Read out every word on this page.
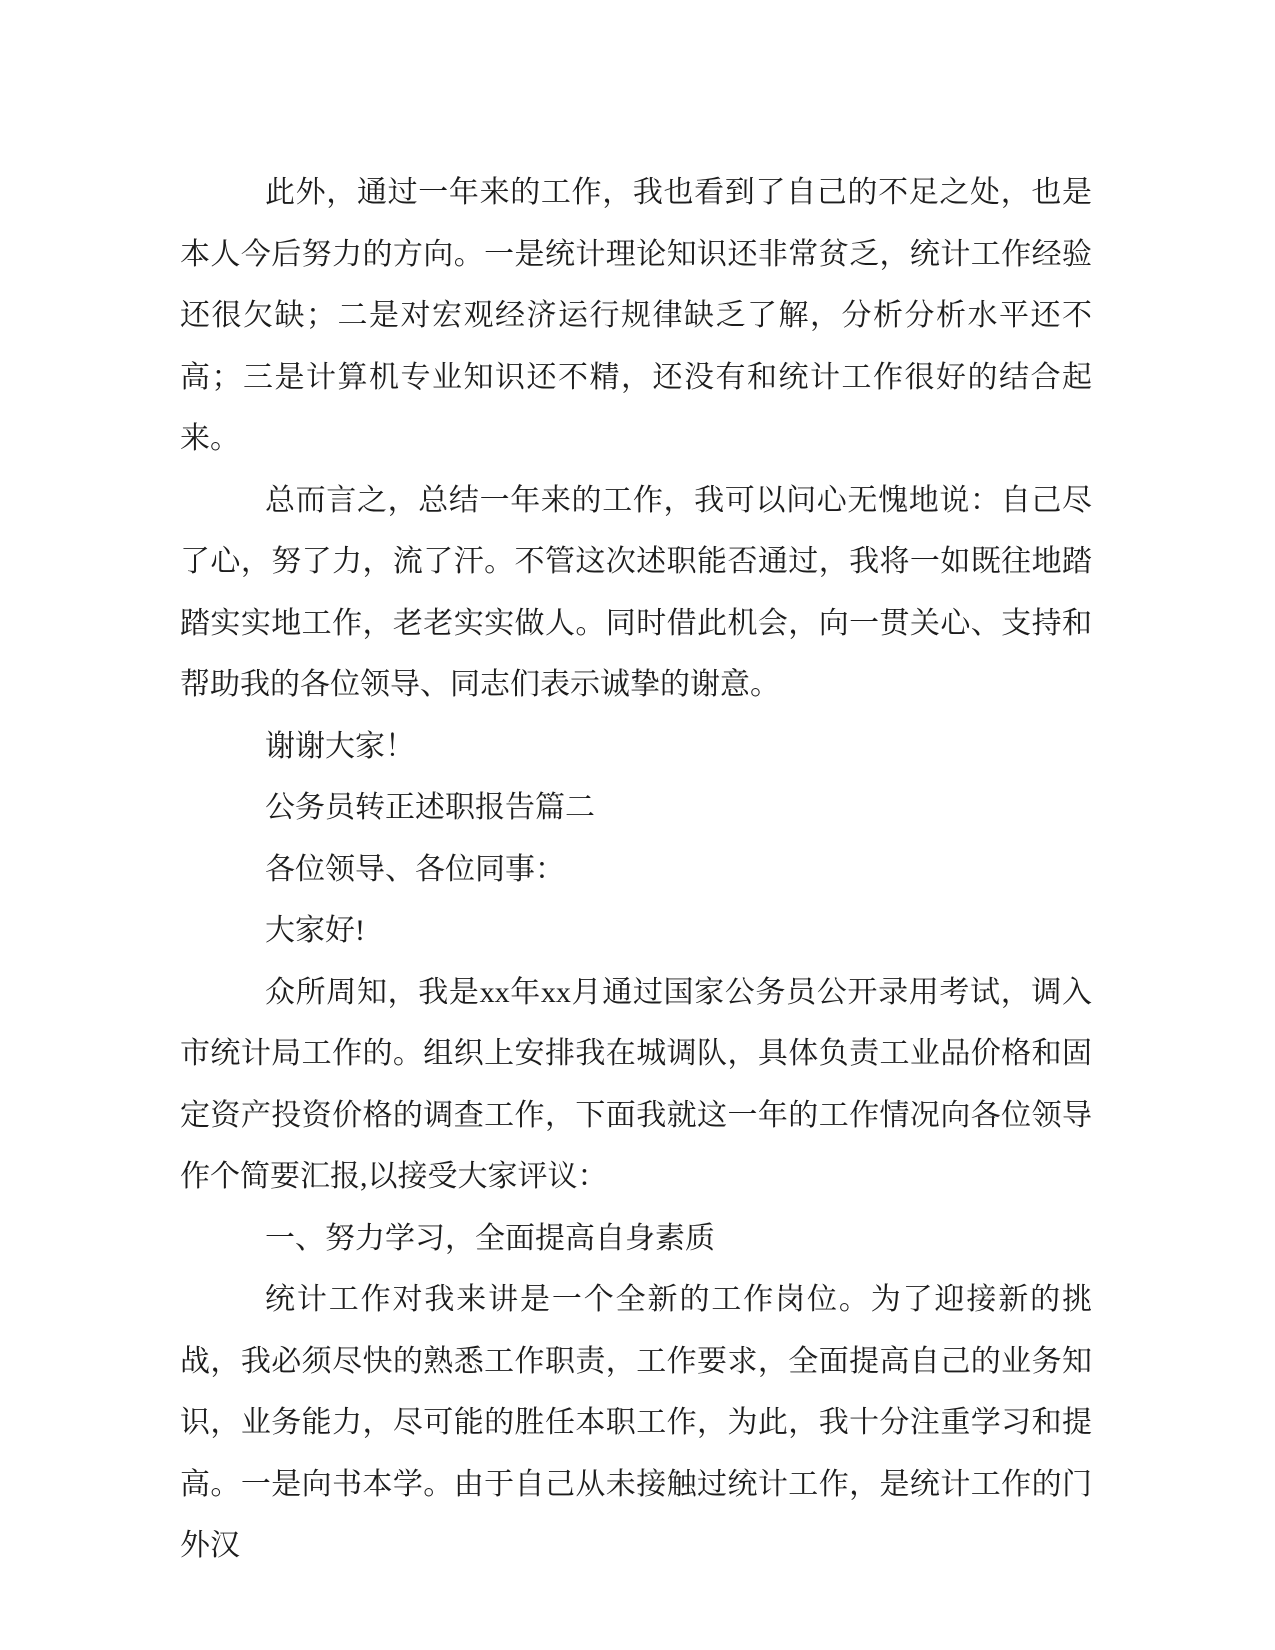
此外，通过一年来的工作，我也看到了自己的不足之处，也是本人今后努力的方向。一是统计理论知识还非常贫乏，统计工作经验还很欠缺；二是对宏观经济运行规律缺乏了解，分析分析水平还不高；三是计算机专业知识还不精，还没有和统计工作很好的结合起来。

总而言之，总结一年来的工作，我可以问心无愧地说：自己尽了心，努了力，流了汗。不管这次述职能否通过，我将一如既往地踏踏实实地工作，老老实实做人。同时借此机会，向一贯关心、支持和帮助我的各位领导、同志们表示诚挚的谢意。

谢谢大家！

公务员转正述职报告篇二

各位领导、各位同事：

大家好!

众所周知，我是xx年xx月通过国家公务员公开录用考试，调入市统计局工作的。组织上安排我在城调队，具体负责工业品价格和固定资产投资价格的调查工作，下面我就这一年的工作情况向各位领导作个简要汇报,以接受大家评议：

一、努力学习，全面提高自身素质

统计工作对我来讲是一个全新的工作岗位。为了迎接新的挑战，我必须尽快的熟悉工作职责，工作要求，全面提高自己的业务知识，业务能力，尽可能的胜任本职工作，为此，我十分注重学习和提高。一是向书本学。由于自己从未接触过统计工作，是统计工作的门外汉
